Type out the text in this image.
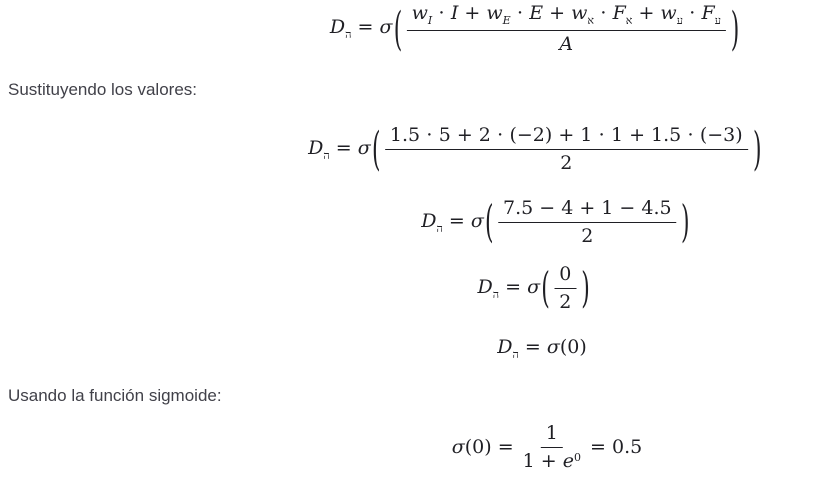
$D_ה = \sigma$ ( $\frac{w_I \cdot I + w_E \cdot E + w_א \cdot F_א + w_ע \cdot F_ע}{A}$ )
Sustituyendo los valores:
$D_ה = \sigma$ ( $\frac{1.5 \cdot 5 + 2 \cdot (-2) + 1 \cdot 1 + 1.5 \cdot (-3)}{2}$ )
$D_ה = \sigma$ ( $\frac{7.5 - 4 + 1 - 4.5}{2}$ )
$D_ה = \sigma$ ( $\frac{0}{2}$ )
$D_ה = \sigma(0)$
Usando la función sigmoide:
$\sigma(0) = \frac{1}{1 + e^0} = 0.5$
